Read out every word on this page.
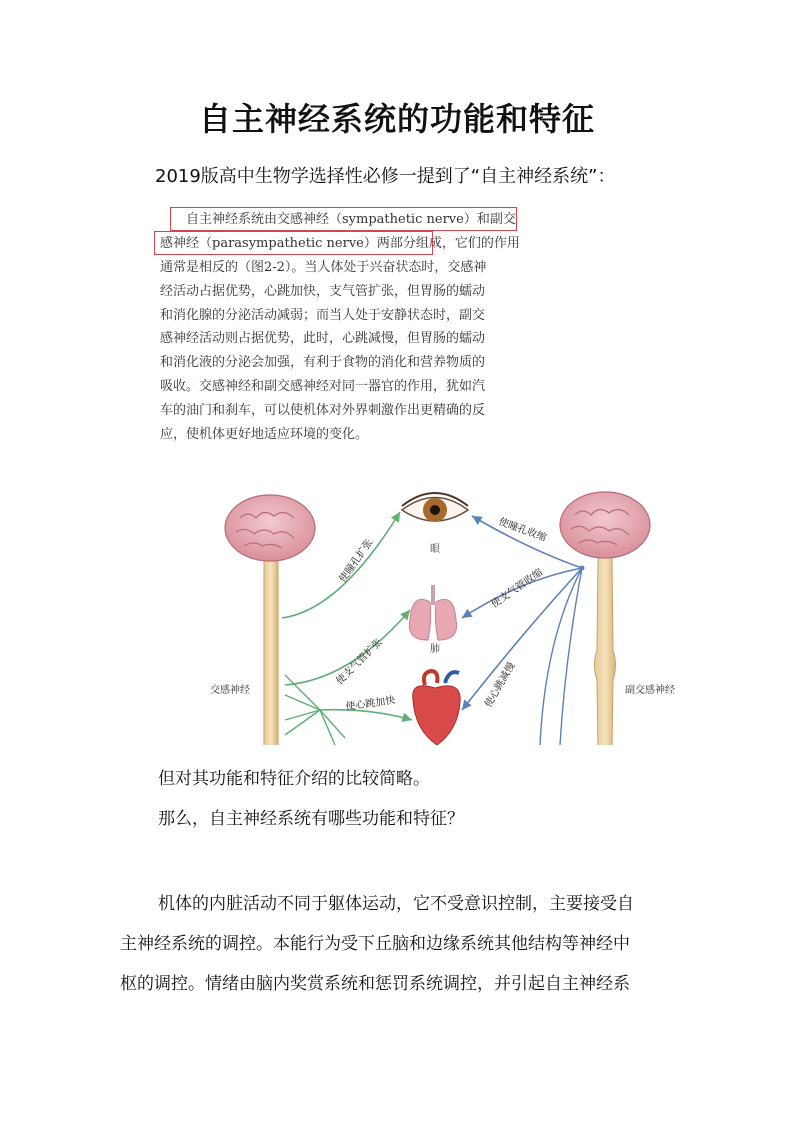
自主神经系统的功能和特征
2019版高中生物学选择性必修一提到了“自主神经系统”：
自主神经系统由交感神经（sympathetic nerve）和副交
感神经（parasympathetic nerve）两部分组成，它们的作用
通常是相反的（图2-2）。当人体处于兴奋状态时，交感神
经活动占据优势，心跳加快，支气管扩张，但胃肠的蠕动
和消化腺的分泌活动减弱；而当人处于安静状态时，副交
感神经活动则占据优势，此时，心跳减慢，但胃肠的蠕动
和消化液的分泌会加强，有利于食物的消化和营养物质的
吸收。交感神经和副交感神经对同一器官的作用，犹如汽
车的油门和刹车，可以使机体对外界刺激作出更精确的反
应，使机体更好地适应环境的变化。
眼
肺
使瞳孔扩张
使支气管扩张
使心跳加快
使瞳孔收缩
使支气管收缩
使心跳减慢
交感神经	副交感神经
但对其功能和特征介绍的比较简略。
那么，自主神经系统有哪些功能和特征？
机体的内脏活动不同于躯体运动，它不受意识控制，主要接受自
主神经系统的调控。本能行为受下丘脑和边缘系统其他结构等神经中
枢的调控。情绪由脑内奖赏系统和惩罚系统调控，并引起自主神经系
